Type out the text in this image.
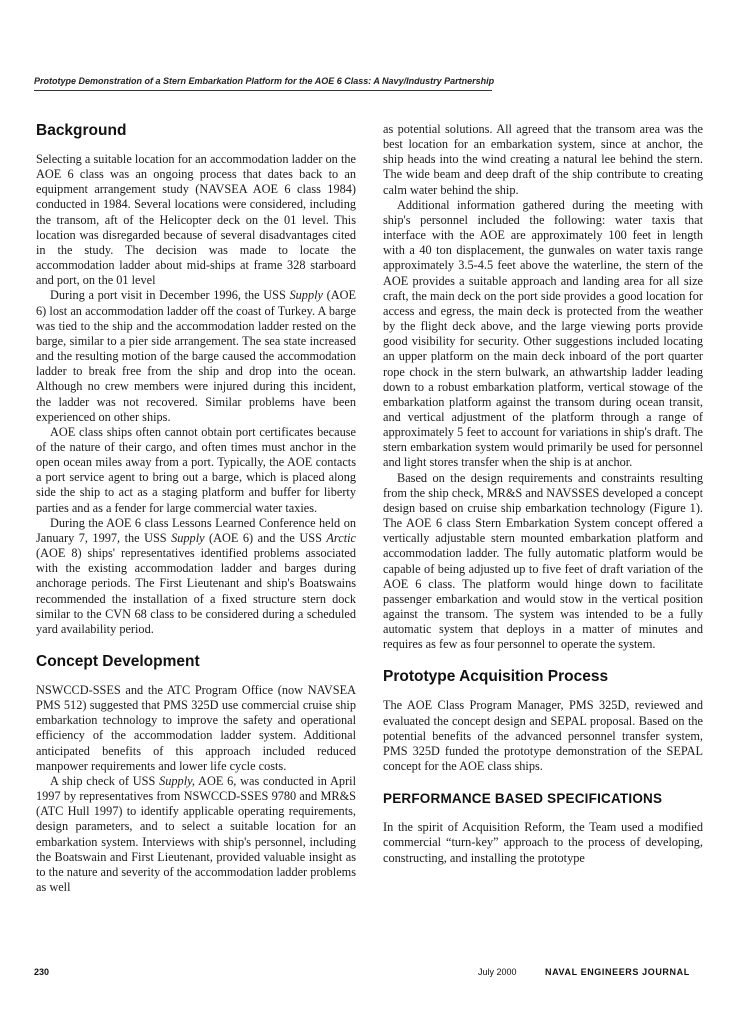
Prototype Demonstration of a Stern Embarkation Platform for the AOE 6 Class: A Navy/Industry Partnership
Background

Selecting a suitable location for an accommodation ladder on the AOE 6 class was an ongoing process that dates back to an equipment arrangement study (NAVSEA AOE 6 class 1984) conducted in 1984. Several locations were considered, including the transom, aft of the Helicopter deck on the 01 level. This location was disregarded because of several disadvantages cited in the study. The decision was made to locate the accommodation ladder about mid-ships at frame 328 starboard and port, on the 01 level

During a port visit in December 1996, the USS Supply (AOE 6) lost an accommodation ladder off the coast of Turkey. A barge was tied to the ship and the accommodation ladder rested on the barge, similar to a pier side arrangement. The sea state increased and the resulting motion of the barge caused the accommodation ladder to break free from the ship and drop into the ocean. Although no crew members were injured during this incident, the ladder was not recovered. Similar problems have been experienced on other ships.

AOE class ships often cannot obtain port certificates because of the nature of their cargo, and often times must anchor in the open ocean miles away from a port. Typically, the AOE contacts a port service agent to bring out a barge, which is placed along side the ship to act as a staging platform and buffer for liberty parties and as a fender for large commercial water taxies.

During the AOE 6 class Lessons Learned Conference held on January 7, 1997, the USS Supply (AOE 6) and the USS Arctic (AOE 8) ships' representatives identified problems associated with the existing accommodation ladder and barges during anchorage periods. The First Lieutenant and ship's Boatswains recommended the installation of a fixed structure stern dock similar to the CVN 68 class to be considered during a scheduled yard availability period.

Concept Development

NSWCCD-SSES and the ATC Program Office (now NAVSEA PMS 512) suggested that PMS 325D use commercial cruise ship embarkation technology to improve the safety and operational efficiency of the accommodation ladder system. Additional anticipated benefits of this approach included reduced manpower requirements and lower life cycle costs.

A ship check of USS Supply, AOE 6, was conducted in April 1997 by representatives from NSWCCD-SSES 9780 and MR&S (ATC Hull 1997) to identify applicable operating requirements, design parameters, and to select a suitable location for an embarkation system. Interviews with ship's personnel, including the Boatswain and First Lieutenant, provided valuable insight as to the nature and severity of the accommodation ladder problems as well

as potential solutions. All agreed that the transom area was the best location for an embarkation system, since at anchor, the ship heads into the wind creating a natural lee behind the stern. The wide beam and deep draft of the ship contribute to creating calm water behind the ship.

Additional information gathered during the meeting with ship's personnel included the following: water taxis that interface with the AOE are approximately 100 feet in length with a 40 ton displacement, the gunwales on water taxis range approximately 3.5-4.5 feet above the waterline, the stern of the AOE provides a suitable approach and landing area for all size craft, the main deck on the port side provides a good location for access and egress, the main deck is protected from the weather by the flight deck above, and the large viewing ports provide good visibility for security. Other suggestions included locating an upper platform on the main deck inboard of the port quarter rope chock in the stern bulwark, an athwartship ladder leading down to a robust embarkation platform, vertical stowage of the embarkation platform against the transom during ocean transit, and vertical adjustment of the platform through a range of approximately 5 feet to account for variations in ship's draft. The stern embarkation system would primarily be used for personnel and light stores transfer when the ship is at anchor.

Based on the design requirements and constraints resulting from the ship check, MR&S and NAVSSES developed a concept design based on cruise ship embarkation technology (Figure 1). The AOE 6 class Stern Embarkation System concept offered a vertically adjustable stern mounted embarkation platform and accommodation ladder. The fully automatic platform would be capable of being adjusted up to five feet of draft variation of the AOE 6 class. The platform would hinge down to facilitate passenger embarkation and would stow in the vertical position against the transom. The system was intended to be a fully automatic system that deploys in a matter of minutes and requires as few as four personnel to operate the system.

Prototype Acquisition Process

The AOE Class Program Manager, PMS 325D, reviewed and evaluated the concept design and SEPAL proposal. Based on the potential benefits of the advanced personnel transfer system, PMS 325D funded the prototype demonstration of the SEPAL concept for the AOE class ships.

PERFORMANCE BASED SPECIFICATIONS

In the spirit of Acquisition Reform, the Team used a modified commercial “turn-key” approach to the process of developing, constructing, and installing the prototype

230	July 2000	NAVAL ENGINEERS JOURNAL
